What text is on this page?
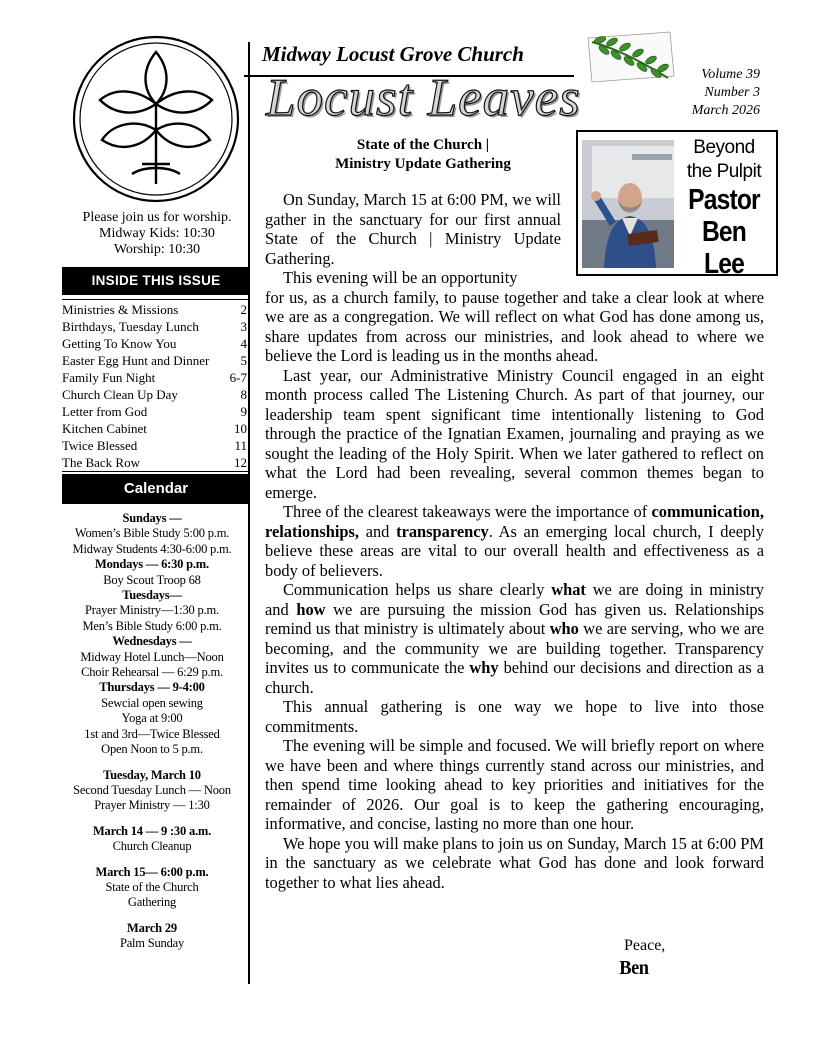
Midway Locust Grove Church
Locust Leaves	Volume 39
Number 3
March 2026
Please join us for worship.
Midway Kids: 10:30
Worship: 10:30
INSIDE THIS ISSUE
Ministries & Missions	2
Birthdays, Tuesday Lunch	3
Getting To Know You	4
Easter Egg Hunt and Dinner 5
Family Fun Night	6-7
Church Clean Up Day	8
Letter from God	9
Kitchen Cabinet	10
Twice Blessed	11
The Back Row	12
Calendar
Sundays —
Women’s Bible Study 5:00 p.m.
Midway Students 4:30-6:00 p.m.
Mondays — 6:30 p.m.
Boy Scout Troop 68
Tuesdays—
Prayer Ministry—1:30 p.m.
Men’s Bible Study 6:00 p.m.
Wednesdays —
Midway Hotel Lunch—Noon
Choir Rehearsal — 6:29 p.m.
Thursdays — 9-4:00
Sewcial open sewing
Yoga at 9:00
1st and 3rd—Twice Blessed
Open Noon to 5 p.m.
Tuesday, March 10
Second Tuesday Lunch — Noon
Prayer Ministry — 1:30
March 14 — 9 :30 a.m.
Church Cleanup
March 15— 6:00 p.m.
State of the Church
Gathering
March 29
Palm Sunday
State of the Church |
Ministry Update Gathering
Beyond
the Pulpit
Pastor
Ben Lee

On Sunday, March 15 at 6:00 PM, we will gather in the sanctuary for our first annual State of the Church | Ministry Update Gathering.

This evening will be an opportunity

for us, as a church family, to pause together and take a clear look at where we are as a congregation. We will reflect on what God has done among us, share updates from across our ministries, and look ahead to where we believe the Lord is leading us in the months ahead.

Last year, our Administrative Ministry Council engaged in an eight month process called The Listening Church. As part of that journey, our leadership team spent significant time intentionally listening to God through the practice of the Ignatian Examen, journaling and praying as we sought the leading of the Holy Spirit. When we later gathered to reflect on what the Lord had been revealing, several common themes began to emerge.

Three of the clearest takeaways were the importance of communication, relationships, and transparency. As an emerging local church, I deeply believe these areas are vital to our overall health and effectiveness as a body of believers.

Communication helps us share clearly what we are doing in ministry and how we are pursuing the mission God has given us. Relationships remind us that ministry is ultimately about who we are serving, who we are becoming, and the community we are building together. Transparency invites us to communicate the why behind our decisions and direction as a church.

This annual gathering is one way we hope to live into those commitments.

The evening will be simple and focused. We will briefly report on where we have been and where things currently stand across our ministries, and then spend time looking ahead to key priorities and initiatives for the remainder of 2026. Our goal is to keep the gathering encouraging, informative, and concise, lasting no more than one hour.

We hope you will make plans to join us on Sunday, March 15 at 6:00 PM in the sanctuary as we celebrate what God has done and look forward together to what lies ahead.

Peace,
Ben
